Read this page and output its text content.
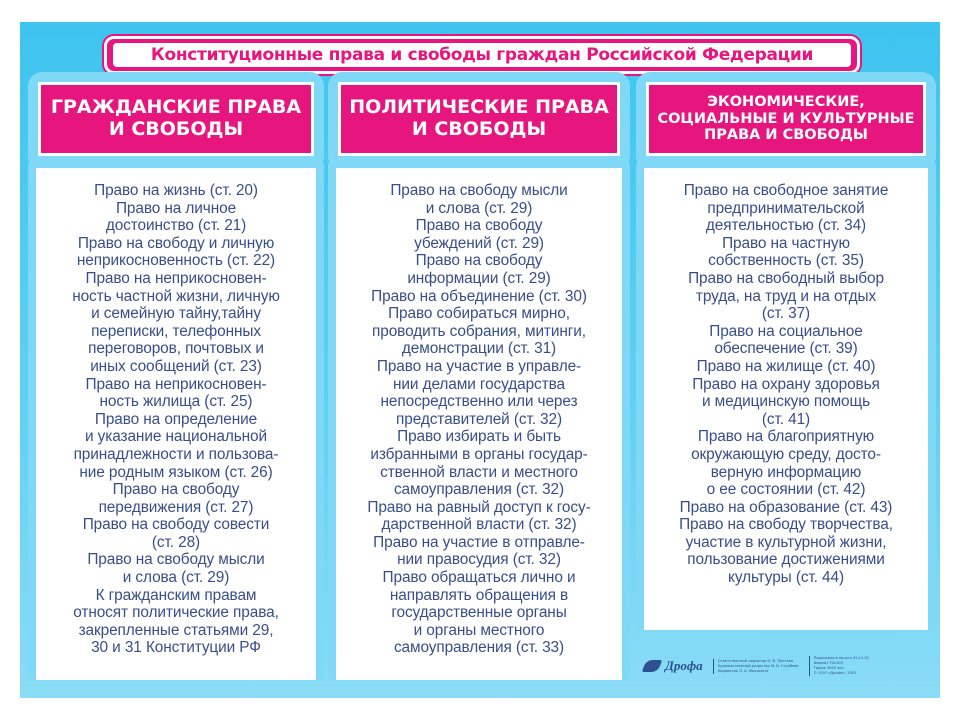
Конституционные права и свободы граждан Российской Федерации
ГРАЖДАНСКИЕ ПРАВА
И СВОБОДЫ
Право на жизнь (ст. 20)
Право на личное
достоинство (ст. 21)
Право на свободу и личную
неприкосновенность (ст. 22)
Право на неприкосновен-
ность частной жизни, личную
и семейную тайну,тайну
переписки, телефонных
переговоров, почтовых и
иных сообщений (ст. 23)
Право на неприкосновен-
ность жилища (ст. 25)
Право на определение
и указание национальной
принадлежности и пользова-
ние родным языком (ст. 26)
Право на свободу
передвижения (ст. 27)
Право на свободу совести
(ст. 28)
Право на свободу мысли
и слова (ст. 29)
К гражданским правам
относят политические права,
закрепленные статьями 29,
30 и 31 Конституции РФ
ПОЛИТИЧЕСКИЕ ПРАВА
И СВОБОДЫ
Право на свободу мысли
и слова (ст. 29)
Право на свободу
убеждений (ст. 29)
Право на свободу
информации (ст. 29)
Право на объединение (ст. 30)
Право собираться мирно,
проводить собрания, митинги,
демонстрации (ст. 31)
Право на участие в управле-
нии делами государства
непосредственно или через
представителей (ст. 32)
Право избирать и быть
избранными в органы государ-
ственной власти и местного
самоуправления (ст. 32)
Право на равный доступ к госу-
дарственной власти (ст. 32)
Право на участие в отправле-
нии правосудия (ст. 32)
Право обращаться лично и
направлять обращения в
государственные органы
и органы местного
самоуправления (ст. 33)
ЭКОНОМИЧЕСКИЕ,
СОЦИАЛЬНЫЕ И КУЛЬТУРНЫЕ
ПРАВА И СВОБОДЫ
Право на свободное занятие
предпринимательской
деятельностью (ст. 34)
Право на частную
собственность (ст. 35)
Право на свободный выбор
труда, на труд и на отдых
(ст. 37)
Право на социальное
обеспечение (ст. 39)
Право на жилище (ст. 40)
Право на охрану здоровья
и медицинскую помощь
(ст. 41)
Право на благоприятную
окружающую среду, досто-
верную информацию
о ее состоянии (ст. 42)
Право на образование (ст. 43)
Право на свободу творчества,
участие в культурной жизни,
пользование достижениями
культуры (ст. 44)
Дрофа	Ответственный редактор Н. В. Лаптева
Художественный редактор М. В. Голубева
Корректор Л. А. Мысякина
Подписано в печать 05.11.01
Формат 70х100
Тираж 3000 экз.
© ООО «Дрофа», 2002
